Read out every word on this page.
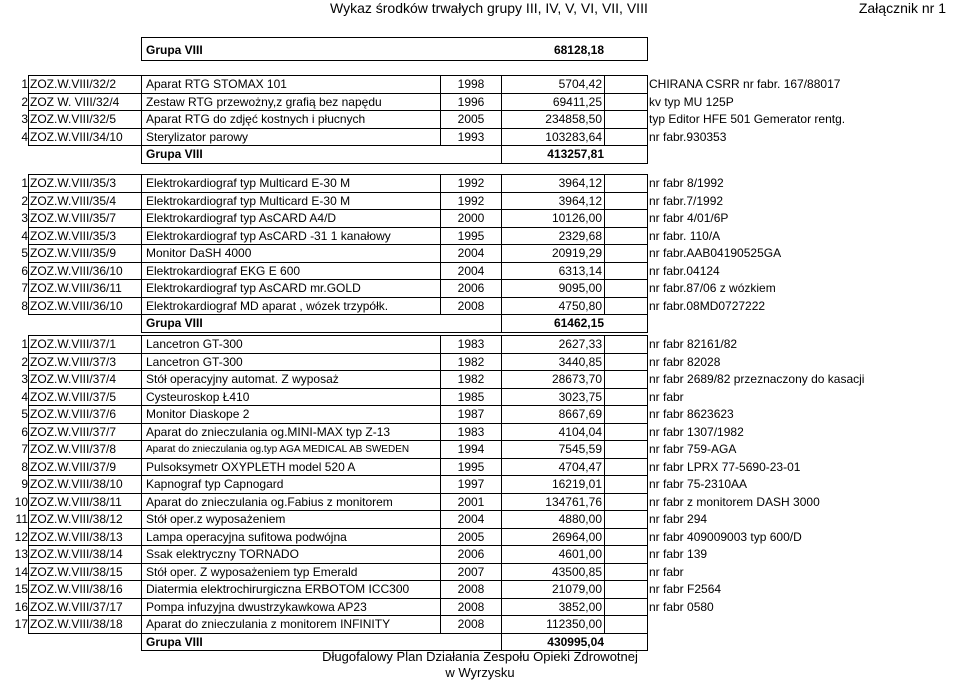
Wykaz środków trwałych grupy III, IV, V, VI, VII, VIII	Załącznik nr 1
Grupa VIII	68128,18
1 ZOZ.W.VIII/32/2	Aparat RTG STOMAX 101	1998	5704,42	CHIRANA CSRR nr fabr. 167/88017
2 ZOZ W. VIII/32/4	Zestaw RTG przewożny,z grafią bez napędu	1996	69411,25	kv typ MU 125P
3 ZOZ.W.VIII/32/5	Aparat RTG do zdjęć kostnych i płucnych	2005	234858,50	typ Editor HFE 501 Gemerator rentg.
4 ZOZ.W.VIII/34/10	Sterylizator parowy	1993	103283,64	nr fabr.930353
Grupa VIII	413257,81
1 ZOZ.W.VIII/35/3	Elektrokardiograf typ Multicard E-30 M	1992	3964,12	nr fabr 8/1992
2 ZOZ.W.VIII/35/4	Elektrokardiograf typ Multicard E-30 M	1992	3964,12	nr fabr.7/1992
3 ZOZ.W.VIII/35/7	Elektrokardiograf typ AsCARD A4/D	2000	10126,00	nr fabr 4/01/6P
4 ZOZ.W.VIII/35/3	Elektrokardiograf typ AsCARD -31 1 kanałowy	1995	2329,68	nr fabr. 110/A
5 ZOZ.W.VIII/35/9	Monitor DaSH 4000	2004	20919,29	nr fabr.AAB04190525GA
6 ZOZ.W.VIII/36/10	Elektrokardiograf EKG E 600	2004	6313,14	nr fabr.04124
7 ZOZ.W.VIII/36/11	Elektrokardiograf typ AsCARD mr.GOLD	2006	9095,00	nr fabr.87/06 z wózkiem
8 ZOZ.W.VIII/36/10	Elektrokardiograf MD aparat , wózek trzypółk.	2008	4750,80	nr fabr.08MD0727222
Grupa VIII	61462,15
1 ZOZ.W.VIII/37/1	Lancetron GT-300	1983	2627,33	nr fabr 82161/82
2 ZOZ.W.VIII/37/3	Lancetron GT-300	1982	3440,85	nr fabr 82028
3 ZOZ.W.VIII/37/4	Stół operacyjny automat. Z wyposaż	1982	28673,70	nr fabr 2689/82 przeznaczony do kasacji
4 ZOZ.W.VIII/37/5	Cysteuroskop Ł410	1985	3023,75	nr fabr
5 ZOZ.W.VIII/37/6	Monitor Diaskope 2	1987	8667,69	nr fabr 8623623
6 ZOZ.W.VIII/37/7	Aparat do znieczulania og.MINI-MAX typ Z-13	1983	4104,04	nr fabr 1307/1982
7 ZOZ.W.VIII/37/8	Aparat do znieczulania og.typ AGA MEDICAL AB SWEDEN	1994	7545,59	nr fabr 759-AGA
8 ZOZ.W.VIII/37/9	Pulsoksymetr OXYPLETH model 520 A	1995	4704,47	nr fabr LPRX 77-5690-23-01
9 ZOZ.W.VIII/38/10	Kapnograf typ Capnogard	1997	16219,01	nr fabr 75-2310AA
10 ZOZ.W.VIII/38/11	Aparat do znieczulania og.Fabius z monitorem	2001	134761,76	nr fabr z monitorem DASH 3000
11 ZOZ.W.VIII/38/12	Stół oper.z wyposażeniem	2004	4880,00	nr fabr 294
12 ZOZ.W.VIII/38/13	Lampa operacyjna sufitowa podwójna	2005	26964,00	nr fabr 409009003 typ 600/D
13 ZOZ.W.VIII/38/14	Ssak elektryczny TORNADO	2006	4601,00	nr fabr 139
14 ZOZ.W.VIII/38/15	Stół oper. Z wyposażeniem typ Emerald	2007	43500,85	nr fabr
15 ZOZ.W.VIII/38/16	Diatermia elektrochirurgiczna ERBOTOM ICC300	2008	21079,00	nr fabr F2564
16 ZOZ.W.VIII/37/17	Pompa infuzyjna dwustrzykawkowa AP23	2008	3852,00	nr fabr 0580
17 ZOZ.W.VIII/38/18	Aparat do znieczulania z monitorem INFINITY	2008	112350,00
Grupa VIII	430995,04
Długofalowy Plan Działania Zespołu Opieki Zdrowotnej
w Wyrzysku
